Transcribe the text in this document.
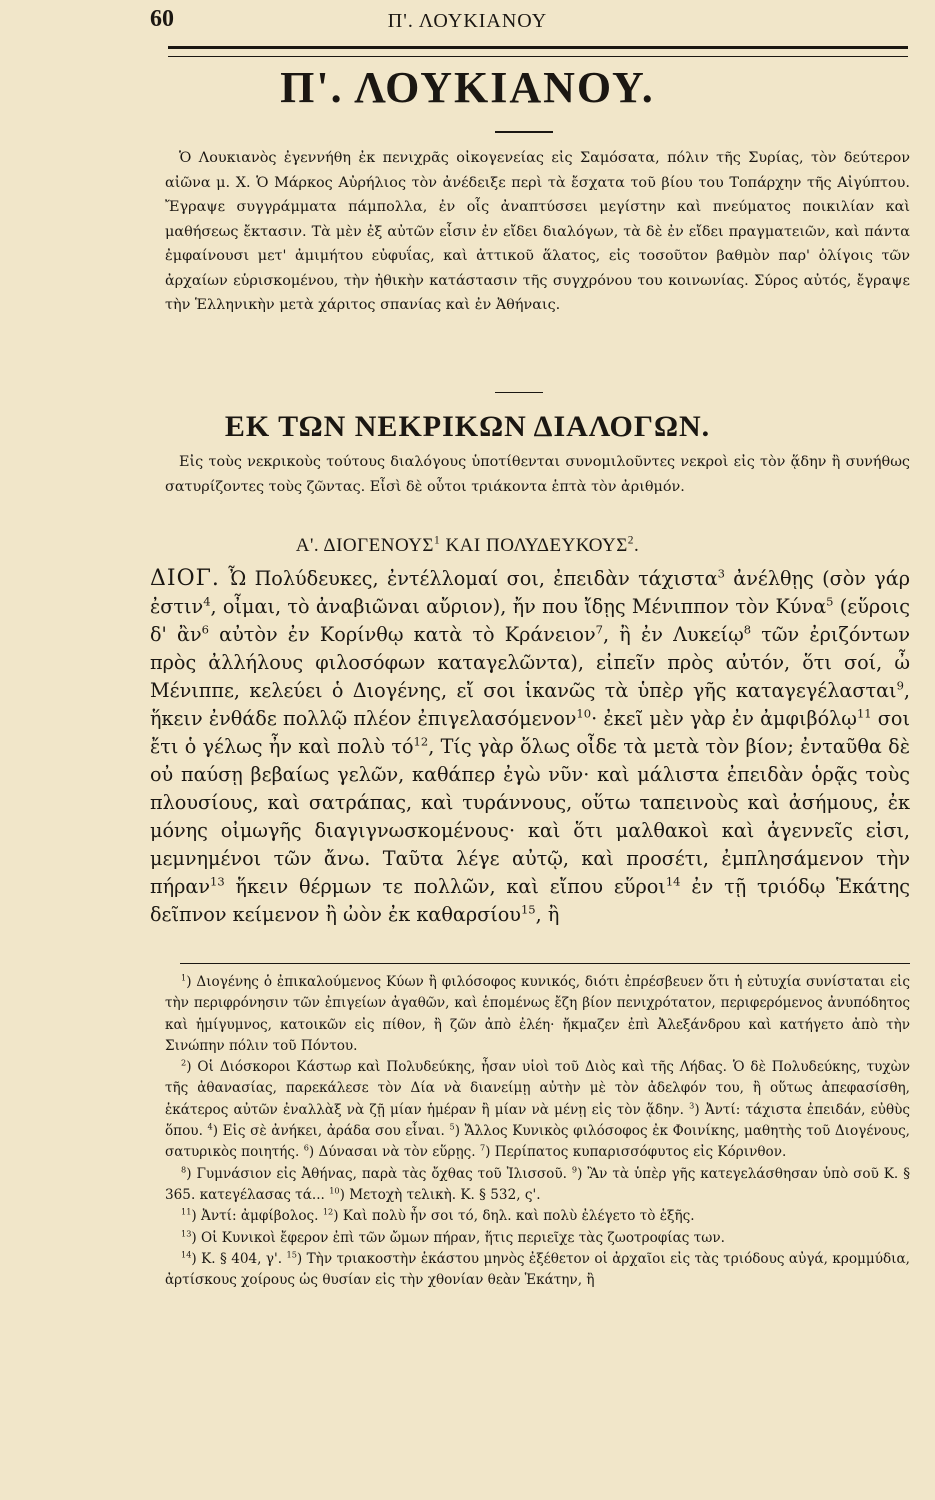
60	Π'. ΛΟΥΚΙΑΝΟΥ
Π'. ΛΟΥΚΙΑΝΟΥ.
Ὁ Λουκιανὸς ἐγεννήθη ἐκ πενιχρᾶς οἰκογενείας εἰς Σαμόσατα, πόλιν τῆς Συρίας, τὸν δεύτερον αἰῶνα μ. Χ. Ὁ Μάρκος Αὐρήλιος τὸν ἀνέδειξε περὶ τὰ ἔσχατα τοῦ βίου του Τοπάρχην τῆς Αἰγύπτου. Ἔγραψε συγγράμματα πάμπολλα, ἐν οἷς ἀναπτύσσει μεγίστην καὶ πνεύματος ποικιλίαν καὶ μαθήσεως ἔκτασιν. Τὰ μὲν ἐξ αὐτῶν εἶσιν ἐν εἴδει διαλόγων, τὰ δὲ ἐν εἴδει πραγματειῶν, καὶ πάντα ἐμφαίνουσι μετ' ἀμιμήτου εὐφυΐας, καὶ ἀττικοῦ ἅλατος, εἰς τοσοῦτον βαθμὸν παρ' ὀλίγοις τῶν ἀρχαίων εὑρισκομένου, τὴν ἠθικὴν κατάστασιν τῆς συγχρόνου του κοινωνίας. Σύρος αὐτός, ἔγραψε τὴν Ἑλληνικὴν μετὰ χάριτος σπανίας καὶ ἐν Ἀθήναις.
ΕΚ ΤΩΝ ΝΕΚΡΙΚΩΝ ΔΙΑΛΟΓΩΝ.
Εἰς τοὺς νεκρικοὺς τούτους διαλόγους ὑποτίθενται συνομιλοῦντες νεκροὶ εἰς τὸν ᾅδην ἢ συνήθως σατυρίζοντες τοὺς ζῶντας. Εἶσὶ δὲ οὗτοι τριάκοντα ἑπτὰ τὸν ἀριθμόν.
Α'. ΔΙΟΓΕΝΟΥΣ$^1$ ΚΑΙ ΠΟΛΥΔΕΥΚΟΥΣ$^2$.
ΔΙΟΓ. Ὦ Πολύδευκες, ἐντέλλομαί σοι, ἐπειδὰν τάχιστα$^3$ ἀνέλθῃς (σὸν γάρ ἐστιν$^4$, οἶμαι, τὸ ἀναβιῶναι αὔριον), ἤν που ἴδῃς Μένιππον τὸν Κύνα$^5$ (εὕροις δ' ἂν$^6$ αὐτὸν ἐν Κορίνθῳ κατὰ τὸ Κράνειον$^7$, ἢ ἐν Λυκείῳ$^8$ τῶν ἐριζόντων πρὸς ἀλλήλους φιλοσόφων καταγελῶντα), εἰπεῖν πρὸς αὐτόν, ὅτι σοί, ὦ Μένιππε, κελεύει ὁ Διογένης, εἴ σοι ἱκανῶς τὰ ὑπὲρ γῆς καταγεγέλασται$^9$, ἥκειν ἐνθάδε πολλῷ πλέον ἐπιγελασόμενον$^{10}$· ἐκεῖ μὲν γὰρ ἐν ἀμφιβόλῳ$^{11}$ σοι ἔτι ὁ γέλως ἦν καὶ πολὺ $\tau ό^{12}$, Τίς γὰρ ὅλως οἶδε τὰ μετὰ τὸν βίον; ἐνταῦθα δὲ οὐ παύσῃ βεβαίως γελῶν, καθάπερ ἐγὼ νῦν· καὶ μάλιστα ἐπειδὰν ὁρᾷς τοὺς πλουσίους, καὶ σατράπας, καὶ τυράννους, οὕτω ταπεινοὺς καὶ ἀσήμους, ἐκ μόνης οἰμωγῆς διαγιγνωσκομένους· καὶ ὅτι μαλθακοὶ καὶ ἀγεννεῖς εἰσι, μεμνημένοι τῶν ἄνω. Ταῦτα λέγε αὐτῷ, καὶ προσέτι, ἐμπλησάμενον τὴν πήραν$^{13}$ ἥκειν θέρμων τε πολλῶν, καὶ εἴπου εὕροι$^{14}$ ἐν τῇ τριόδῳ Ἑκάτης δεῖπνον κείμενον ἢ ὠὸν ἐκ καθαρσίου$^{15}$, ἢ

$^1$) Διογένης ὁ ἐπικαλούμενος Κύων ἢ φιλόσοφος κυνικός, διότι ἐπρέσβευεν ὅτι ἡ εὐτυχία συνίσταται εἰς τὴν περιφρόνησιν τῶν ἐπιγείων ἀγαθῶν, καὶ ἑπομένως ἔζη βίον πενιχρότατον, περιφερόμενος ἀνυπόδητος καὶ ἡμίγυμνος, κατοικῶν εἰς πίθον, ἢ ζῶν ἀπὸ ἐλέη· ἤκμαζεν ἐπὶ Ἀλεξάνδρου καὶ κατήγετο ἀπὸ τὴν Σινώπην πόλιν τοῦ Πόντου.

$^2$) Οἱ Διόσκοροι Κάστωρ καὶ Πολυδεύκης, ἦσαν υἱοὶ τοῦ Διὸς καὶ τῆς Λήδας. Ὁ δὲ Πολυδεύκης, τυχὼν τῆς ἀθανασίας, παρεκάλεσε τὸν Δία νὰ διανείμῃ αὐτὴν μὲ τὸν ἀδελφόν του, ἢ οὕτως ἀπεφασίσθη, ἑκάτερος αὐτῶν ἐναλλὰξ νὰ ζῇ μίαν ἡμέραν ἢ μίαν νὰ μένῃ εἰς τὸν ᾅδην. $^3$) Ἀντί: τάχιστα ἐπειδάν, εὐθὺς ὅπου. $^4$) Εἰς σὲ ἀνήκει, ἀράδα σου εἶναι. $^5$) Ἄλλος Κυνικὸς φιλόσοφος ἐκ Φοινίκης, μαθητὴς τοῦ Διογένους, σατυρικὸς ποιητής. $^6$) Δύνασαι νὰ τὸν εὕρῃς. $^7$) Περίπατος κυπαρισσόφυτος εἰς Κόρινθον.

$^8$) Γυμνάσιον εἰς Ἀθήνας, παρὰ τὰς ὄχθας τοῦ Ἰλισσοῦ. $^9$) Ἂν τὰ ὑπὲρ γῆς κατεγελάσθησαν ὑπὸ σοῦ Κ. § 365. κατεγέλασας τά... $^{10}$) Μετοχὴ τελικὴ. Κ. § 532, ς'.

$^{11}$) Ἀντί: ἀμφίβολος. $^{12}$) Καὶ πολὺ ἦν σοι τό, δηλ. καὶ πολὺ ἐλέγετο τὸ ἑξῆς.

$^{13}$) Οἱ Κυνικοὶ ἔφερον ἐπὶ τῶν ὤμων πήραν, ἥτις περιεῖχε τὰς ζωοτροφίας των.

$^{14}$) Κ. § 404, γ'. $^{15}$) Τὴν τριακοστὴν ἑκάστου μηνὸς ἐξέθετον οἱ ἀρχαῖοι εἰς τὰς τριόδους αὐγά, κρομμύδια, ἀρτίσκους χοίρους ὡς θυσίαν εἰς τὴν χθονίαν θεὰν Ἑκάτην, ἢ
